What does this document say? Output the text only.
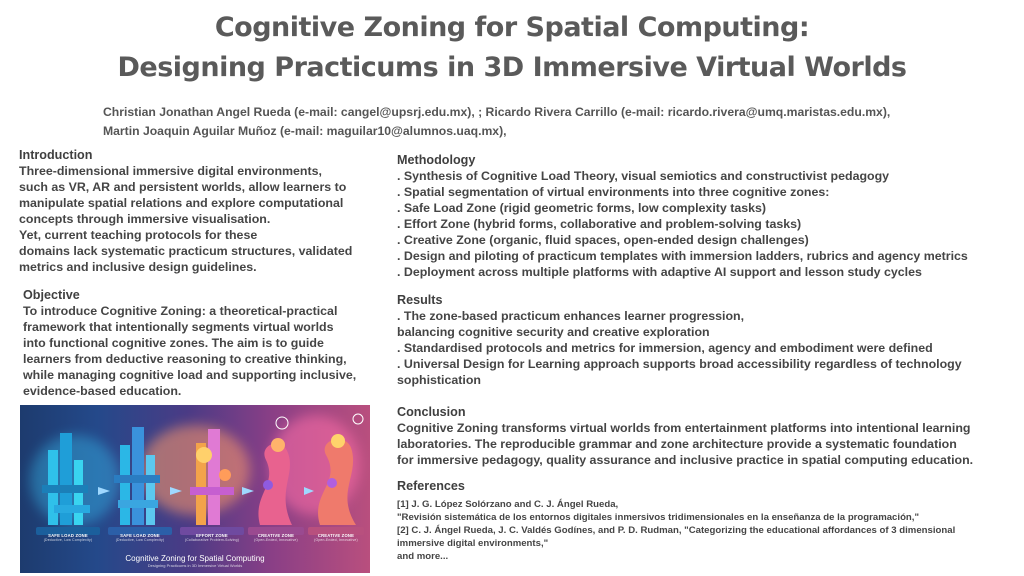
Cognitive Zoning for Spatial Computing:
Designing Practicums in 3D Immersive Virtual Worlds
Christian Jonathan Angel Rueda (e-mail: cangel@upsrj.edu.mx), ; Ricardo Rivera Carrillo (e-mail: ricardo.rivera@umq.maristas.edu.mx),
Martin Joaquin Aguilar Muñoz (e-mail: maguilar10@alumnos.uaq.mx),
Introduction
Three-dimensional immersive digital environments,
such as VR, AR and persistent worlds, allow learners to
manipulate spatial relations and explore computational
concepts through immersive visualisation.
Yet, current teaching protocols for these
domains lack systematic practicum structures, validated
metrics and inclusive design guidelines.
Objective
To introduce Cognitive Zoning: a theoretical-practical
framework that intentionally segments virtual worlds
into functional cognitive zones. The aim is to guide
learners from deductive reasoning to creative thinking,
while managing cognitive load and supporting inclusive,
evidence-based education.
Methodology
. Synthesis of Cognitive Load Theory, visual semiotics and constructivist pedagogy
. Spatial segmentation of virtual environments into three cognitive zones:
. Safe Load Zone (rigid geometric forms, low complexity tasks)
. Effort Zone (hybrid forms, collaborative and problem-solving tasks)
. Creative Zone (organic, fluid spaces, open-ended design challenges)
. Design and piloting of practicum templates with immersion ladders, rubrics and agency metrics
. Deployment across multiple platforms with adaptive AI support and lesson study cycles
Results
. The zone-based practicum enhances learner progression,
balancing cognitive security and creative exploration
. Standardised protocols and metrics for immersion, agency and embodiment were defined
. Universal Design for Learning approach supports broad accessibility regardless of technology
sophistication
Conclusion
Cognitive Zoning transforms virtual worlds from entertainment platforms into intentional learning
laboratories. The reproducible grammar and zone architecture provide a systematic foundation
for immersive pedagogy, quality assurance and inclusive practice in spatial computing education.
References
[1] J. G. López Solórzano and C. J. Ángel Rueda,
"Revisión sistemática de los entornos digitales inmersivos tridimensionales en la enseñanza de la programación,"
[2] C. J. Ángel Rueda, J. C. Valdés Godínes, and P. D. Rudman, "Categorizing the educational affordances of 3 dimensional
immersive digital environments,"
and more...
SAFE LOAD ZONE
(Deductive, Low Complexity)
SAFE LOAD ZONE
(Deductive, Low Complexity)
EFFORT ZONE
(Collaborative Problem-Solving)
CREATIVE ZONE
(Open-Ended, Innovative)
CREATIVE ZONE
(Open-Ended, Innovative)
Cognitive Zoning for Spatial Computing
Designing Practicums in 3D Immersive Virtual Worlds
